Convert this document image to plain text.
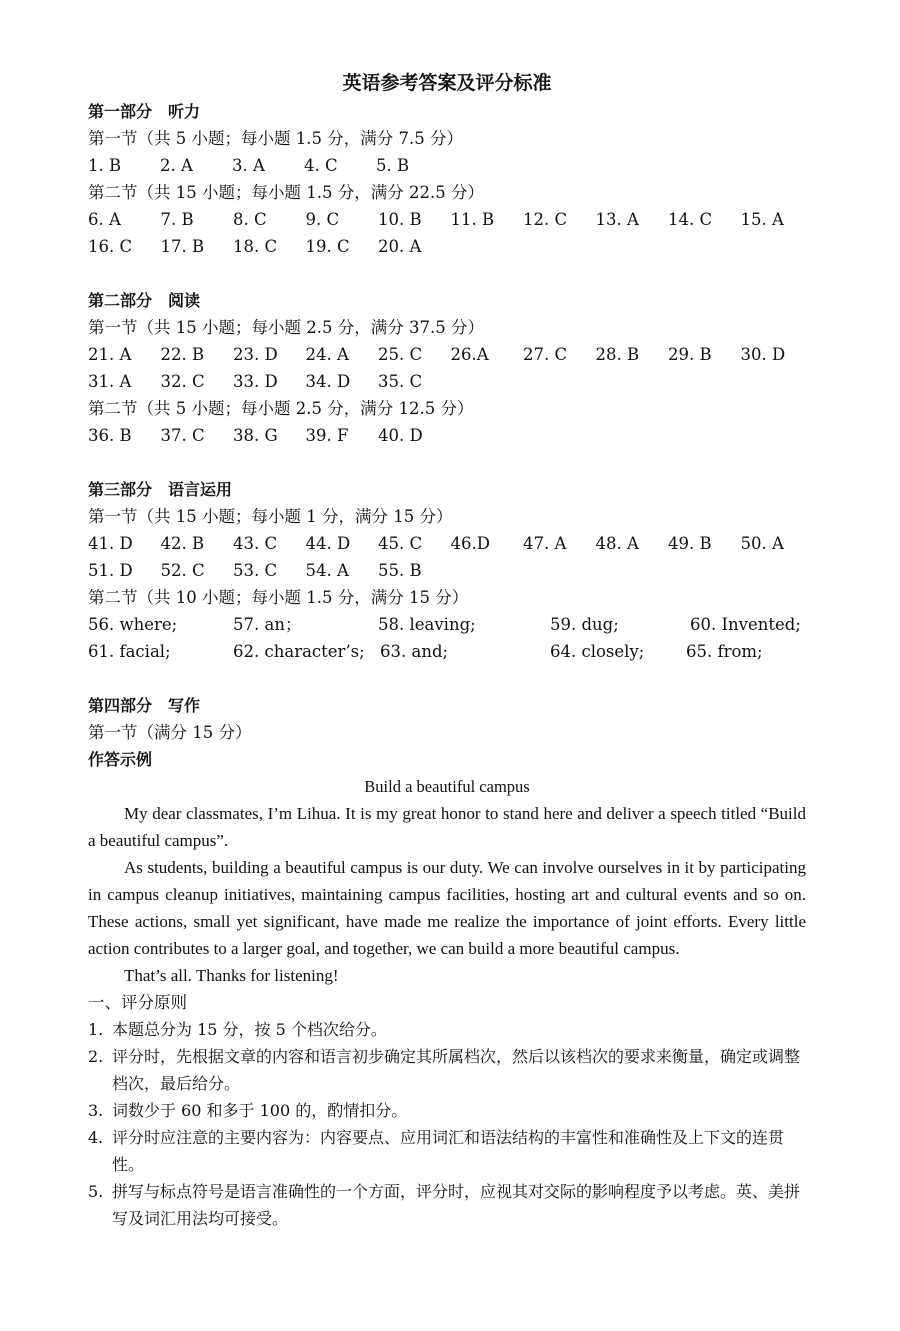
英语参考答案及评分标准
第一部分　听力
第一节（共 5 小题；每小题 1.5 分，满分 7.5 分）
1. B 2. A 3. A 4. C 5. B
第二节（共 15 小题；每小题 1.5 分，满分 22.5 分）
6. A 7. B 8. C 9. C 10. B 11. B 12. C 13. A 14. C 15. A
16. C 17. B 18. C 19. C 20. A
第二部分　阅读
第一节（共 15 小题；每小题 2.5 分，满分 37.5 分）
21. A 22. B 23. D 24. A 25. C 26.A 27. C 28. B 29. B 30. D
31. A 32. C 33. D 34. D 35. C
第二节（共 5 小题；每小题 2.5 分，满分 12.5 分）
36. B 37. C 38. G 39. F 40. D
第三部分　语言运用
第一节（共 15 小题；每小题 1 分，满分 15 分）
41. D 42. B 43. C 44. D 45. C 46.D 47. A 48. A 49. B 50. A
51. D 52. C 53. C 54. A 55. B
第二节（共 10 小题；每小题 1.5 分，满分 15 分）
56. where;	57. an；	58. leaving;	59. dug;	60. Invented;
61. facial;	62. character’s; 63. and;	64. closely;	65. from;
第四部分　写作
第一节（满分 15 分）
作答示例
Build a beautiful campus

My dear classmates, I’m Lihua. It is my great honor to stand here and deliver a speech titled “Build a beautiful campus”.

As students, building a beautiful campus is our duty. We can involve ourselves in it by participating in campus cleanup initiatives, maintaining campus facilities, hosting art and cultural events and so on. These actions, small yet significant, have made me realize the importance of joint efforts. Every little action contributes to a larger goal, and together, we can build a more beautiful campus.

That’s all. Thanks for listening!

一、评分原则
1. 本题总分为 15 分，按 5 个档次给分。
2. 评分时，先根据文章的内容和语言初步确定其所属档次，然后以该档次的要求来衡量，确定或调整档次，最后给分。
3. 词数少于 60 和多于 100 的，酌情扣分。
4. 评分时应注意的主要内容为：内容要点、应用词汇和语法结构的丰富性和准确性及上下文的连贯性。
5. 拼写与标点符号是语言准确性的一个方面，评分时，应视其对交际的影响程度予以考虑。英、美拼写及词汇用法均可接受。
